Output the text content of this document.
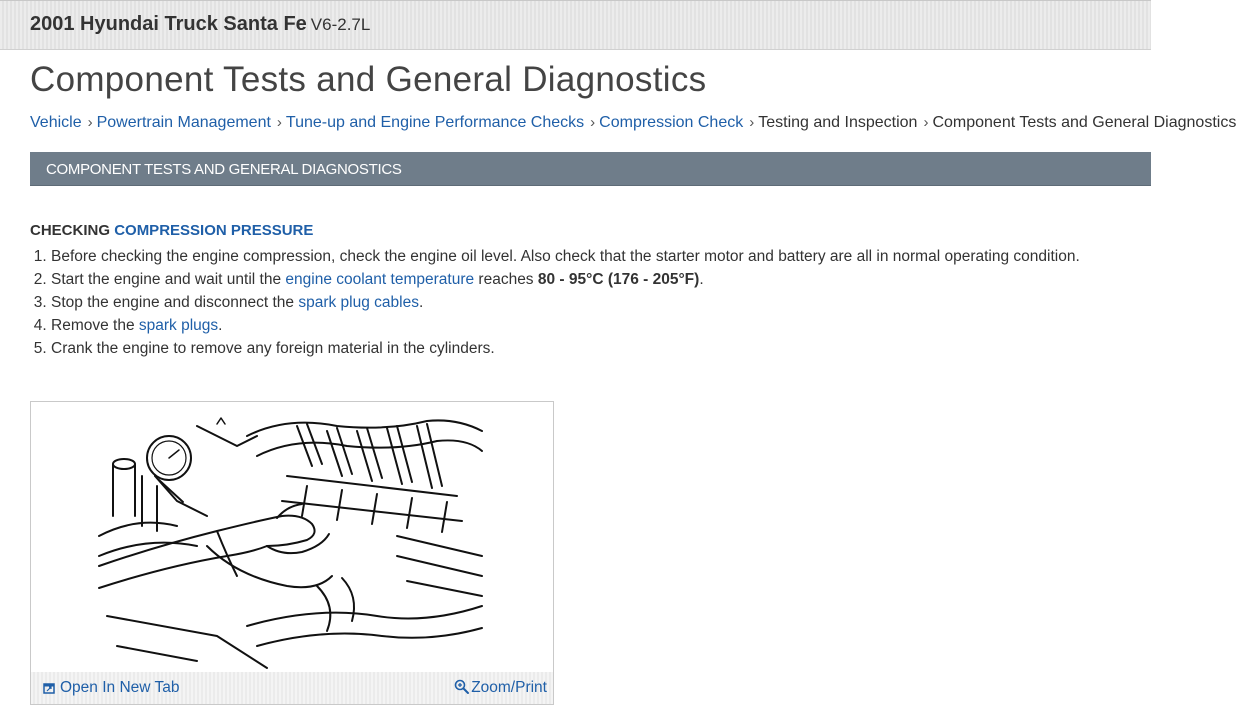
2001 Hyundai Truck Santa Fe V6-2.7L
Component Tests and General Diagnostics
Vehicle › Powertrain Management › Tune-up and Engine Performance Checks › Compression Check › Testing and Inspection › Component Tests and General Diagnostics
COMPONENT TESTS AND GENERAL DIAGNOSTICS
CHECKING COMPRESSION PRESSURE
1. Before checking the engine compression, check the engine oil level. Also check that the starter motor and battery are all in normal operating condition.
2. Start the engine and wait until the engine coolant temperature reaches 80 - 95°C (176 - 205°F).
3. Stop the engine and disconnect the spark plug cables.
4. Remove the spark plugs.
5. Crank the engine to remove any foreign material in the cylinders.
Open In New Tab	Zoom/Print
